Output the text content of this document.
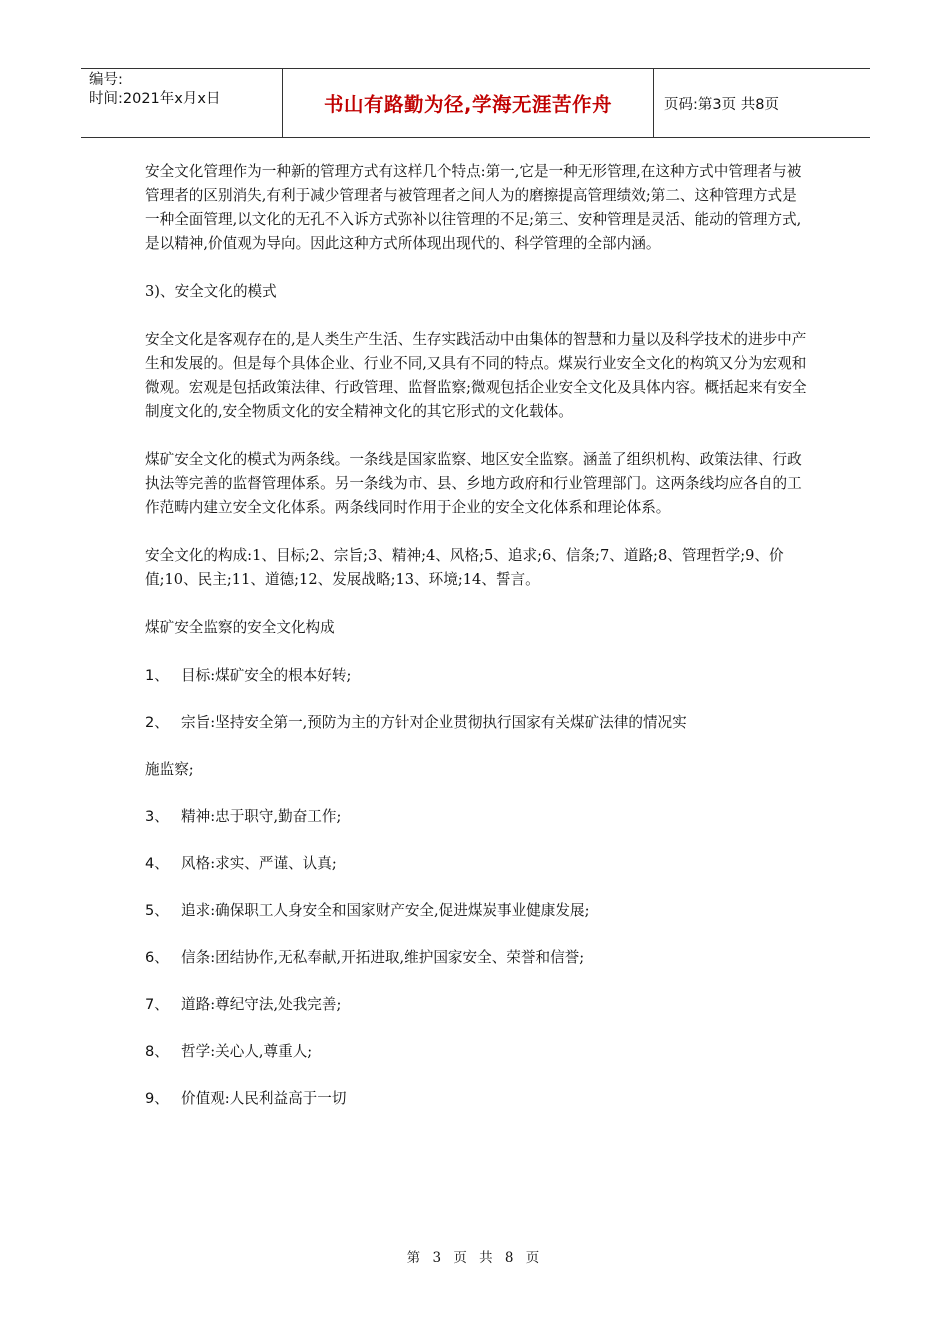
编号:
时间:2021年x月x日	书山有路勤为径,学海无涯苦作舟	页码:第3页 共8页

安全文化管理作为一种新的管理方式有这样几个特点:第一,它是一种无形管理,在这种方式中管理者与被管理者的区别消失,有利于减少管理者与被管理者之间人为的磨擦提高管理绩效;第二、这种管理方式是一种全面管理,以文化的无孔不入诉方式弥补以往管理的不足;第三、安种管理是灵活、能动的管理方式,是以精神,价值观为导向。因此这种方式所体现出现代的、科学管理的全部内涵。

3)、安全文化的模式

安全文化是客观存在的,是人类生产生活、生存实践活动中由集体的智慧和力量以及科学技术的进步中产生和发展的。但是每个具体企业、行业不同,又具有不同的特点。煤炭行业安全文化的构筑又分为宏观和微观。宏观是包括政策法律、行政管理、监督监察;微观包括企业安全文化及具体内容。概括起来有安全制度文化的,安全物质文化的安全精神文化的其它形式的文化载体。

煤矿安全文化的模式为两条线。一条线是国家监察、地区安全监察。涵盖了组织机构、政策法律、行政执法等完善的监督管理体系。另一条线为市、县、乡地方政府和行业管理部门。这两条线均应各自的工作范畴内建立安全文化体系。两条线同时作用于企业的安全文化体系和理论体系。

安全文化的构成:1、目标;2、宗旨;3、精神;4、风格;5、追求;6、信条;7、道路;8、管理哲学;9、价值;10、民主;11、道德;12、发展战略;13、环境;14、誓言。

煤矿安全监察的安全文化构成

1、 目标:煤矿安全的根本好转;
2、 宗旨:坚持安全第一,预防为主的方针对企业贯彻执行国家有关煤矿法律的情况实
施监察;
3、 精神:忠于职守,勤奋工作;
4、 风格:求实、严谨、认真;
5、 追求:确保职工人身安全和国家财产安全,促进煤炭事业健康发展;
6、 信条:团结协作,无私奉献,开拓进取,维护国家安全、荣誉和信誉;
7、 道路:尊纪守法,处我完善;
8、 哲学:关心人,尊重人;
9、 价值观:人民利益高于一切
第 3 页 共 8 页
